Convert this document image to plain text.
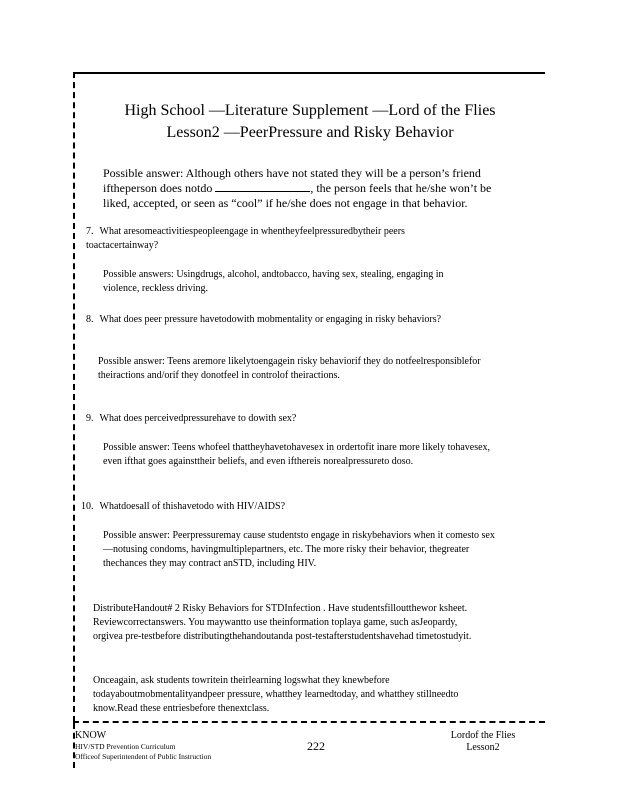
High School —Literature Supplement —Lord of the Flies
Lesson2 —PeerPressure and Risky Behavior
Possible answer: Although others have not stated they will be a person’s friend iftheperson does notdo	, the person feels that he/she won’t be liked, accepted, or seen as “cool” if he/she does not engage in that behavior.
7. What aresomeactivitiespeopleengage in whentheyfeelpressuredbytheir peers toactacertainway?
Possible answers: Usingdrugs, alcohol, andtobacco, having sex, stealing, engaging in violence, reckless driving.
8. What does peer pressure havetodowith mobmentality or engaging in risky behaviors?
Possible answer: Teens aremore likelytoengagein risky behaviorif they do notfeelresponsiblefor theiractions and/orif they donotfeel in controlof theiractions.
9. What does perceivedpressurehave to dowith sex?
Possible answer: Teens whofeel thattheyhavetohavesex in ordertofit inare more likely tohavesex, even ifthat goes againsttheir beliefs, and even ifthereis norealpressureto doso.
10. Whatdoesall of thishavetodo with HIV/AIDS?
Possible answer: Peerpressuremay cause studentsto engage in riskybehaviors when it comesto sex —notusing condoms, havingmultiplepartners, etc. The more risky their behavior, thegreater thechances they may contract anSTD, including HIV.
DistributeHandout# 2 Risky Behaviors for STDInfection . Have studentsfilloutthewor ksheet. Reviewcorrectanswers. You maywantto use theinformation toplaya game, such asJeopardy, orgivea pre-testbefore distributingthehandoutanda post-testafterstudentshavehad timetostudyit.
Onceagain, ask students towritein theirlearning logswhat they knewbefore todayaboutmobmentalityandpeer pressure, whatthey learnedtoday, and whatthey stillneedto know.Read these entriesbefore thenextclass.
KNOW
HIV/STD Prevention Curriculum
Officeof Superintendent of Public Instruction
222
Lordof the Flies
Lesson2
